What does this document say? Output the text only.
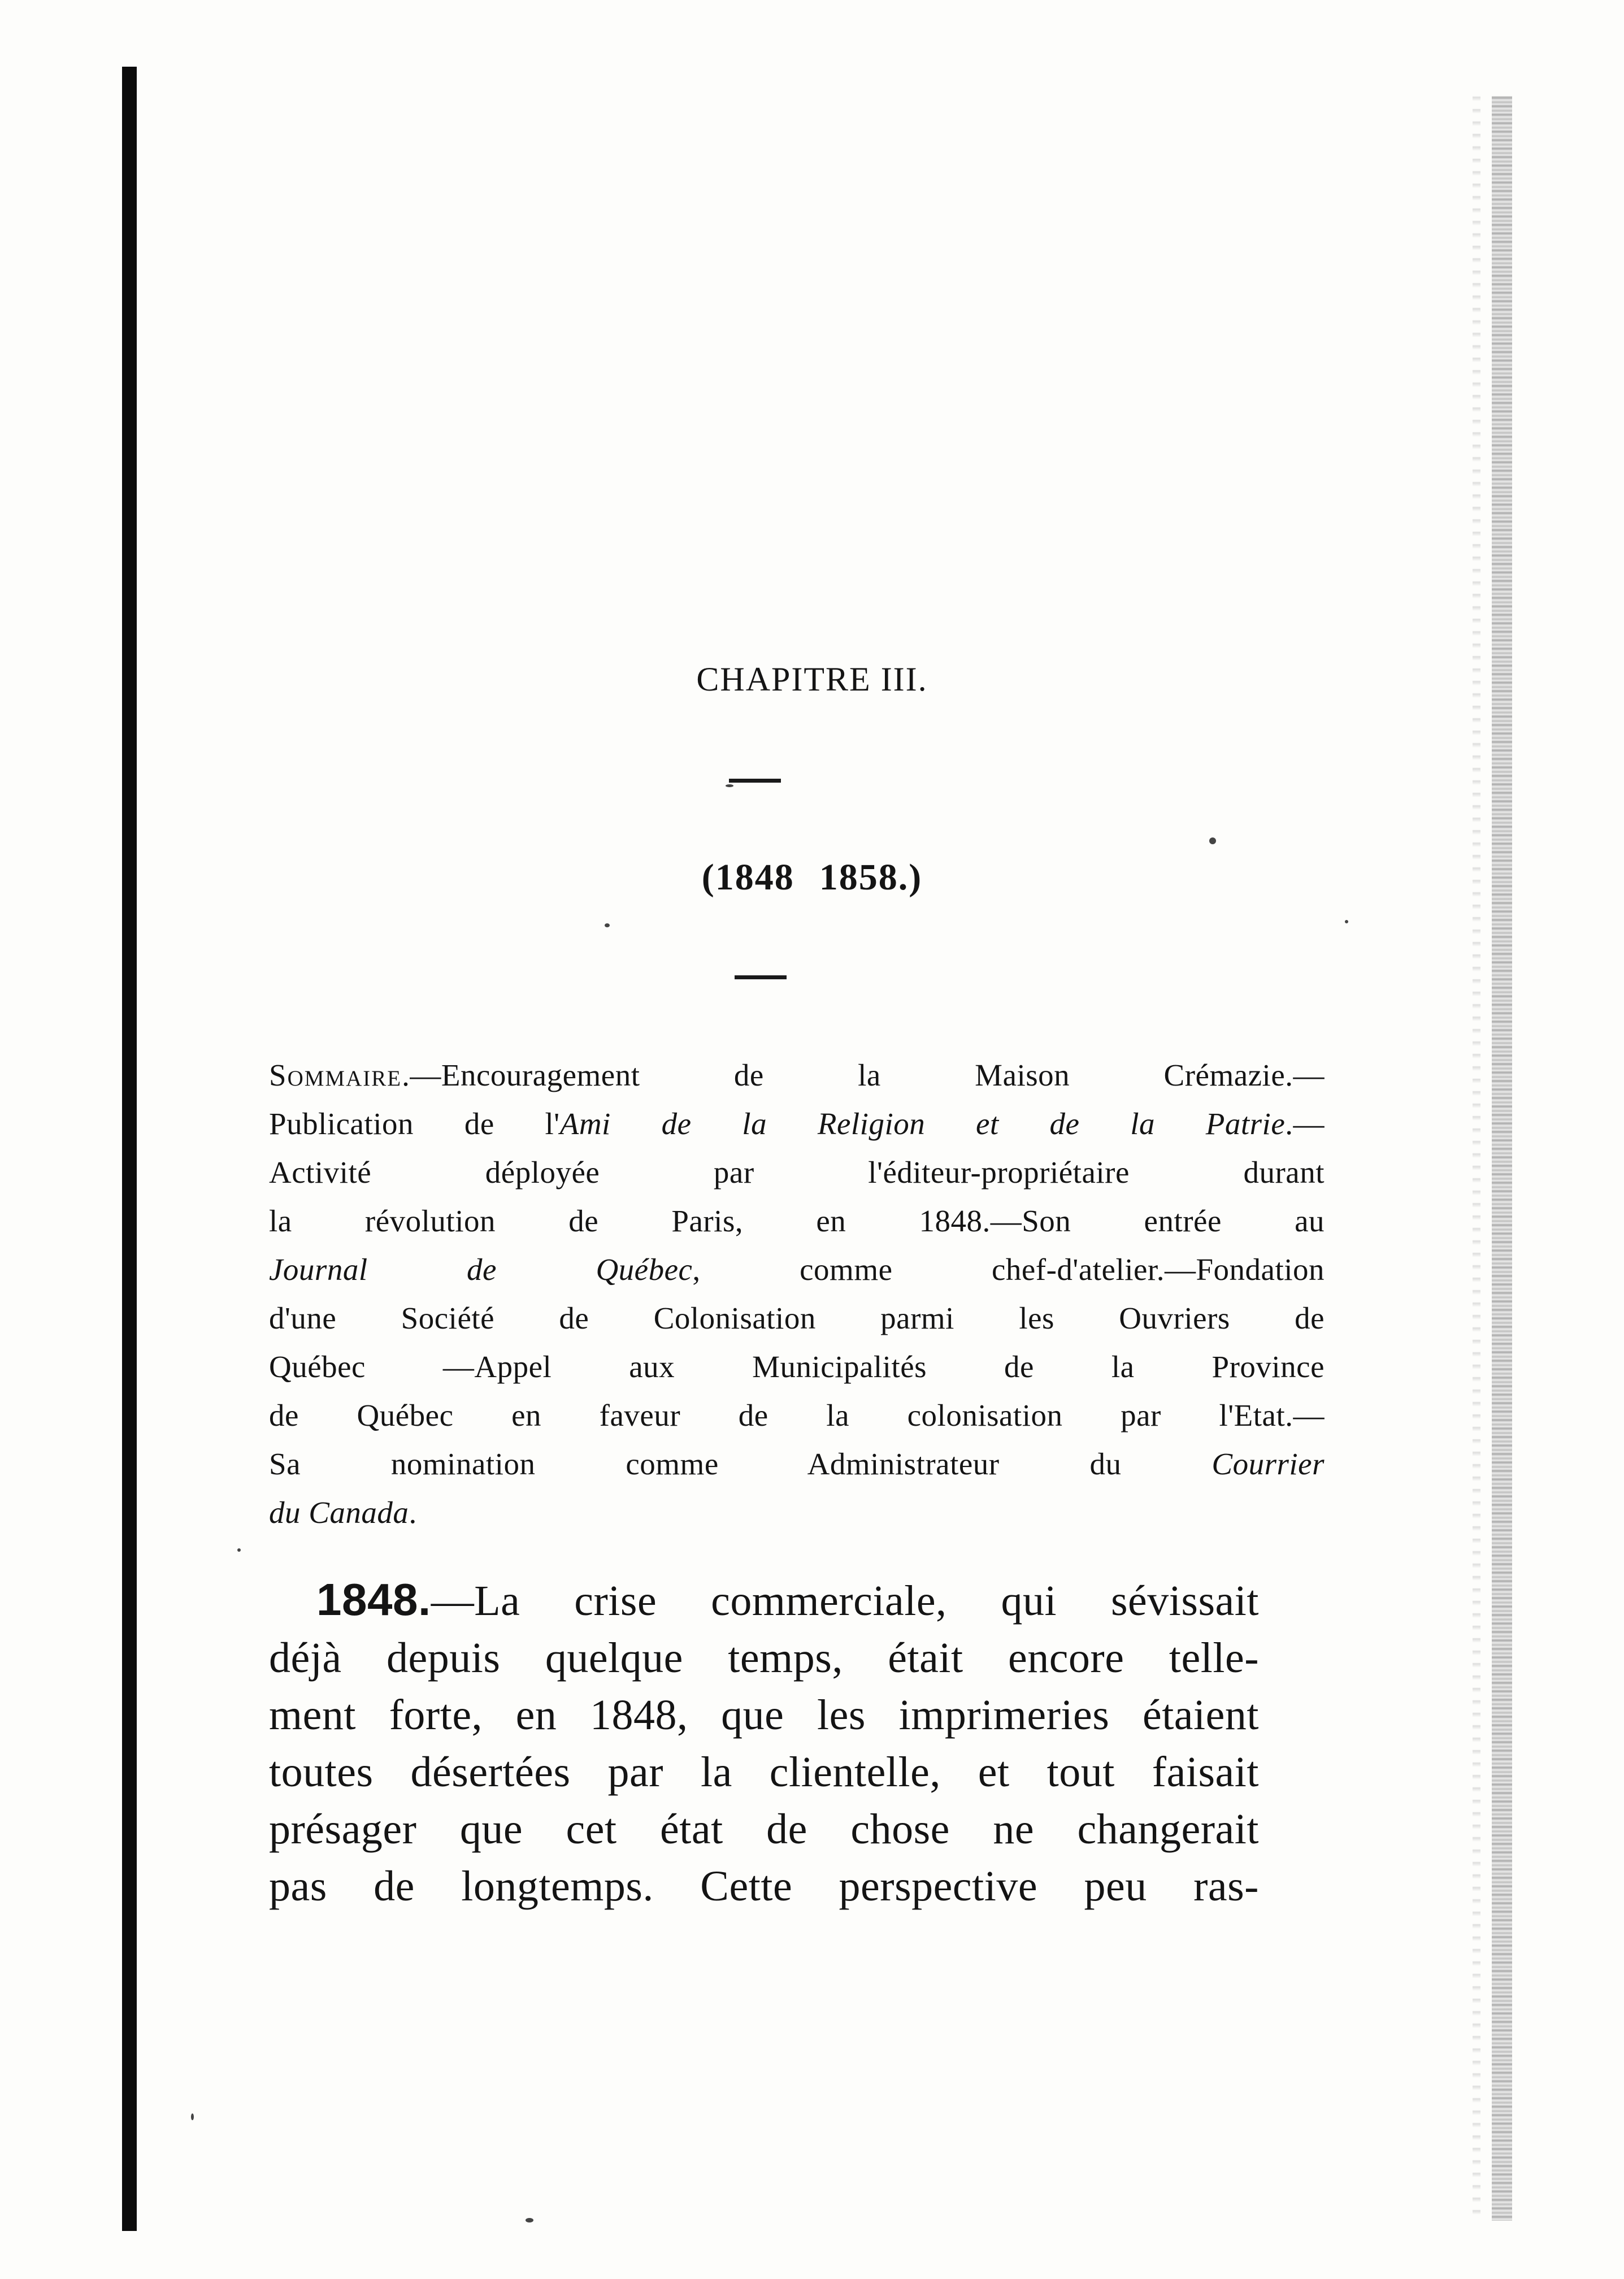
CHAPITRE III.
(1848 1858.)
Sommaire.—Encouragement de la Maison Crémazie.—
Publication de l'Ami de la Religion et de la Patrie.—
Activité déployée par l'éditeur-propriétaire durant
la révolution de Paris, en 1848.—Son entrée au
Journal de Québec, comme chef-d'atelier.—Fondation
d'une Société de Colonisation parmi les Ouvriers de
Québec —Appel aux Municipalités de la Province
de Québec en faveur de la colonisation par l'Etat.—
Sa nomination comme Administrateur du Courrier
du Canada.
1848.—La crise commerciale, qui sévissait
déjà depuis quelque temps, était encore telle-
ment forte, en 1848, que les imprimeries étaient
toutes désertées par la clientelle, et tout faisait
présager que cet état de chose ne changerait
pas de longtemps. Cette perspective peu ras-
